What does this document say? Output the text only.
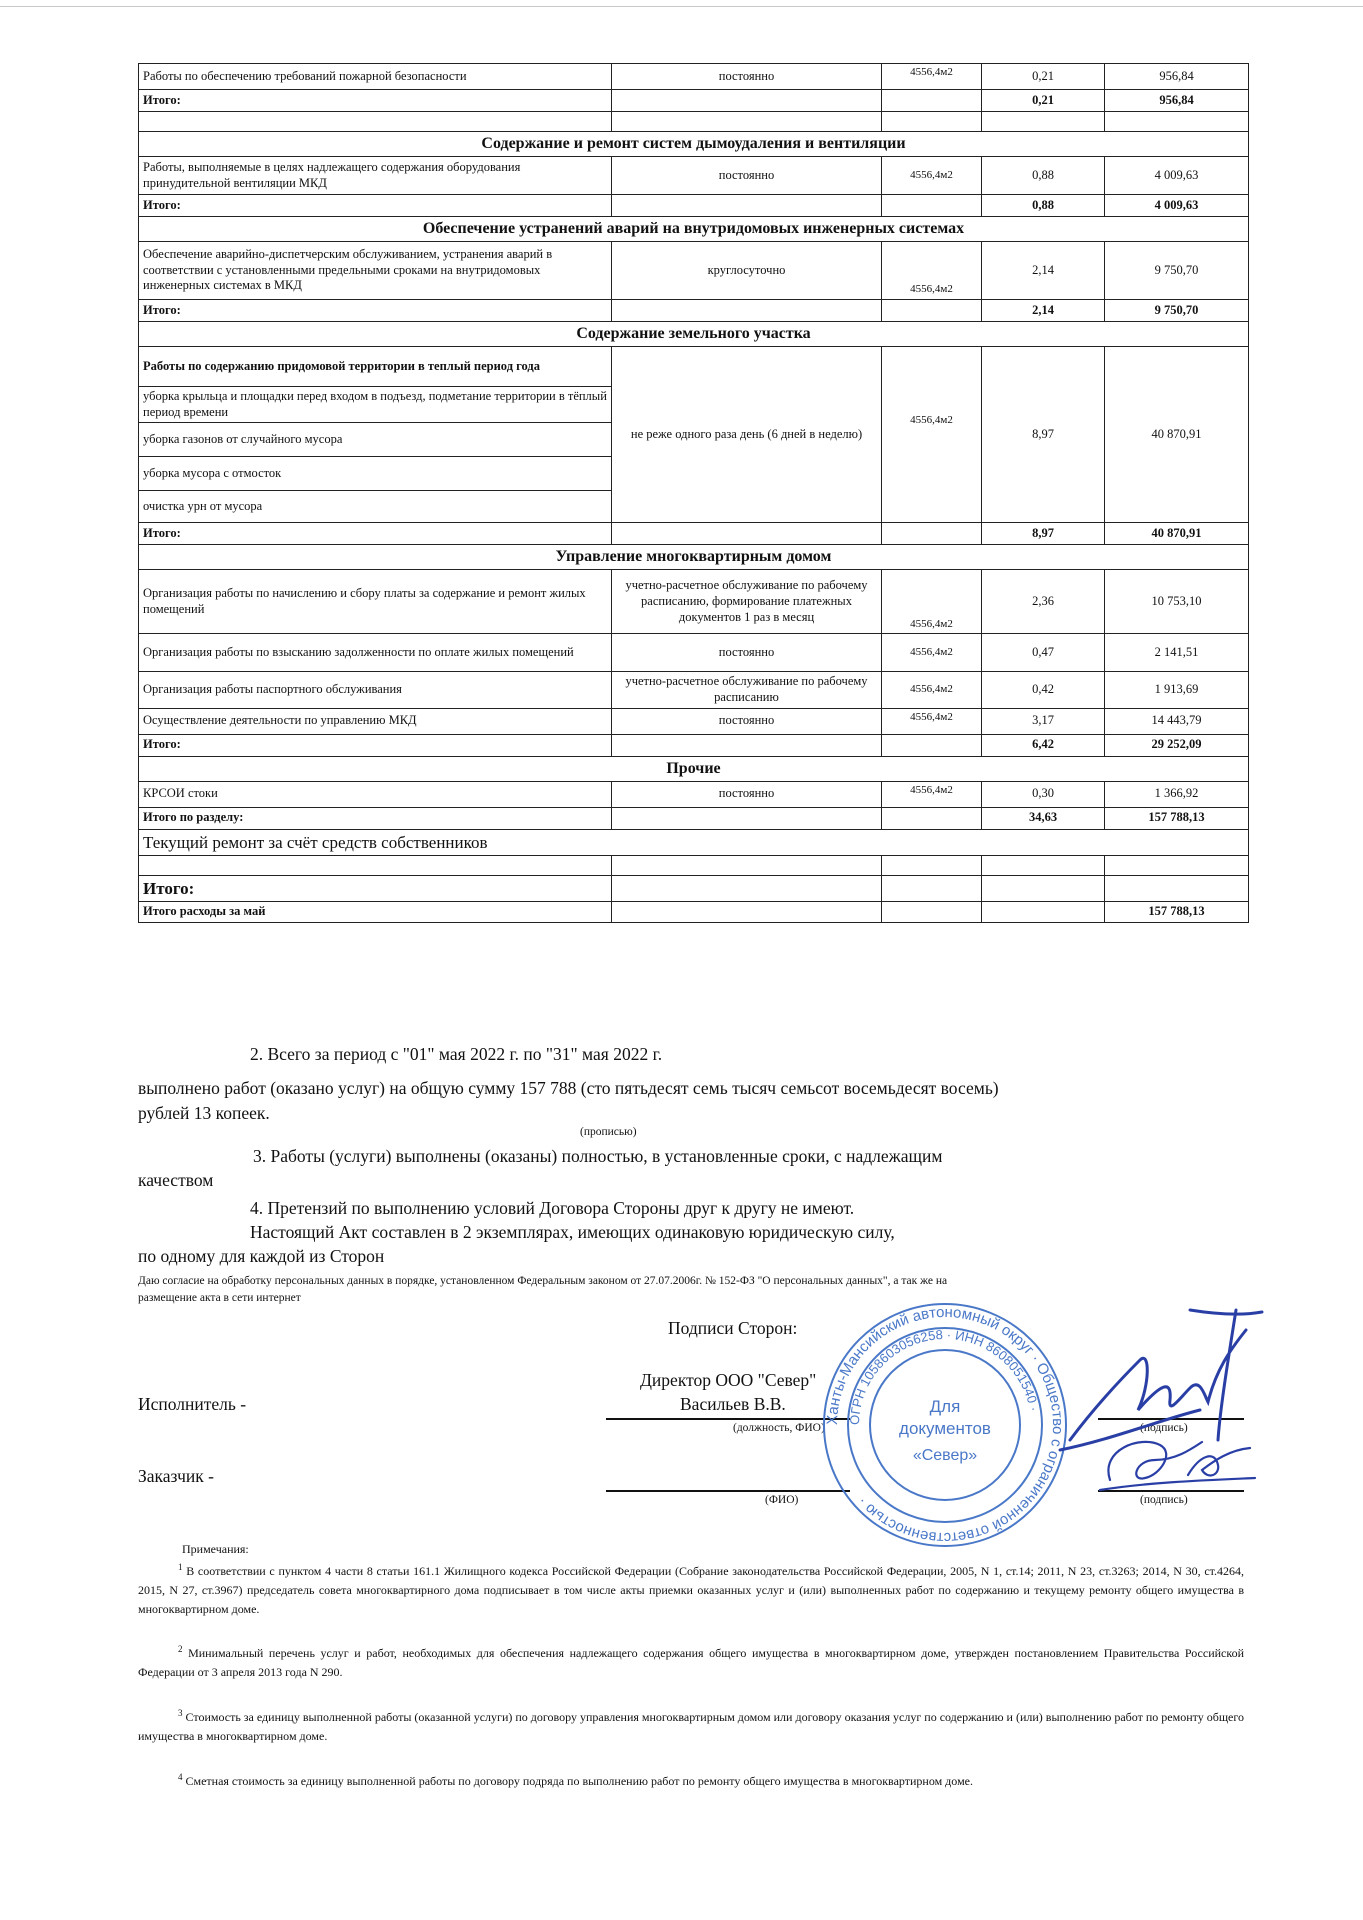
Работы по обеспечению требований пожарной безопасности	постоянно	4556,4м2	0,21	956,84
Итого:			0,21	956,84

Содержание и ремонт систем дымоудаления и вентиляции				
Работы, выполняемые в целях надлежащего содержания оборудования принудительной вентиляции МКД	постоянно	4556,4м2	0,88	4 009,63
Итого:			0,88	4 009,63
Обеспечение устранений аварий на внутридомовых инженерных системах				
Обеспечение аварийно-диспетчерским обслуживанием, устранения аварий в соответствии с установленными предельными сроками на внутридомовых инженерных системах в МКД	круглосуточно	4556,4м2	2,14	9 750,70
Итого:			2,14	9 750,70
Содержание земельного участка				
Работы по содержанию придомовой территории в теплый период года	не реже одного раза день (6 дней в неделю)	4556,4м2	8,97	40 870,91
уборка крыльца и площадки перед входом в подъезд, подметание территории в тёплый период времени				
уборка газонов от случайного мусора				
уборка мусора с отмосток				
очистка урн от мусора				
Итого:			8,97	40 870,91
Управление многоквартирным домом				
Организация работы по начислению и сбору платы за содержание и ремонт жилых помещений	учетно-расчетное обслуживание по рабочему расписанию, формирование платежных документов 1 раз в месяц	4556,4м2	2,36	10 753,10
Организация работы по взысканию задолженности по оплате жилых помещений	постоянно	4556,4м2	0,47	2 141,51
Организация работы паспортного обслуживания	учетно-расчетное обслуживание по рабочему расписанию	4556,4м2	0,42	1 913,69
Осуществление деятельности по управлению МКД	постоянно	4556,4м2	3,17	14 443,79
Итого:			6,42	29 252,09
Прочие				
КРСОИ стоки	постоянно	4556,4м2	0,30	1 366,92
Итого по разделу:			34,63	157 788,13
Текущий ремонт за счёт средств собственников				

Итого:				
Итого расходы за май				157 788,13
2. Всего за период с "01" мая 2022 г. по "31" мая 2022 г.
выполнено работ (оказано услуг) на общую сумму 157 788 (сто пятьдесят семь тысяч семьсот восемьдесят восемь)
рублей 13 копеек.
(прописью)
3. Работы (услуги) выполнены (оказаны) полностью, в установленные сроки, с надлежащим
качеством
4. Претензий по выполнению условий Договора Стороны друг к другу не имеют.
Настоящий Акт составлен в 2 экземплярах, имеющих одинаковую юридическую силу,
по одному для каждой из Сторон
Даю согласие на обработку персональных данных в порядке, установленном Федеральным законом от 27.07.2006г. № 152-ФЗ "О персональных данных", а так же на
размещение акта в сети интернет
Подписи Сторон:
Директор ООО "Север"
Васильев В.В.
Исполнитель -
(должность, ФИО)	(подпись)
Заказчик -
(ФИО)	(подпись)
Ханты-Мансийский автономный округ · Общество с ограниченной ответственностью ·
ОГРН 1058603056258 · ИНН 8608051540 ·
Для
документов
«Север»
Примечания:
$^1$ В соответствии с пунктом 4 части 8 статьи 161.1 Жилищного кодекса Российской Федерации (Собрание законодательства Российской Федерации, 2005, N 1, ст.14; 2011, N 23, ст.3263; 2014, N 30, ст.4264, 2015, N 27, ст.3967) председатель совета многоквартирного дома подписывает в том числе акты приемки оказанных услуг и (или) выполненных работ по содержанию и текущему ремонту общего имущества в многоквартирном доме.
$^2$ Минимальный перечень услуг и работ, необходимых для обеспечения надлежащего содержания общего имущества в многоквартирном доме, утвержден постановлением Правительства Российской Федерации от 3 апреля 2013 года N 290.
$^3$ Стоимость за единицу выполненной работы (оказанной услуги) по договору управления многоквартирным домом или договору оказания услуг по содержанию и (или) выполнению работ по ремонту общего имущества в многоквартирном доме.
$^4$ Сметная стоимость за единицу выполненной работы по договору подряда по выполнению работ по ремонту общего имущества в многоквартирном доме.
